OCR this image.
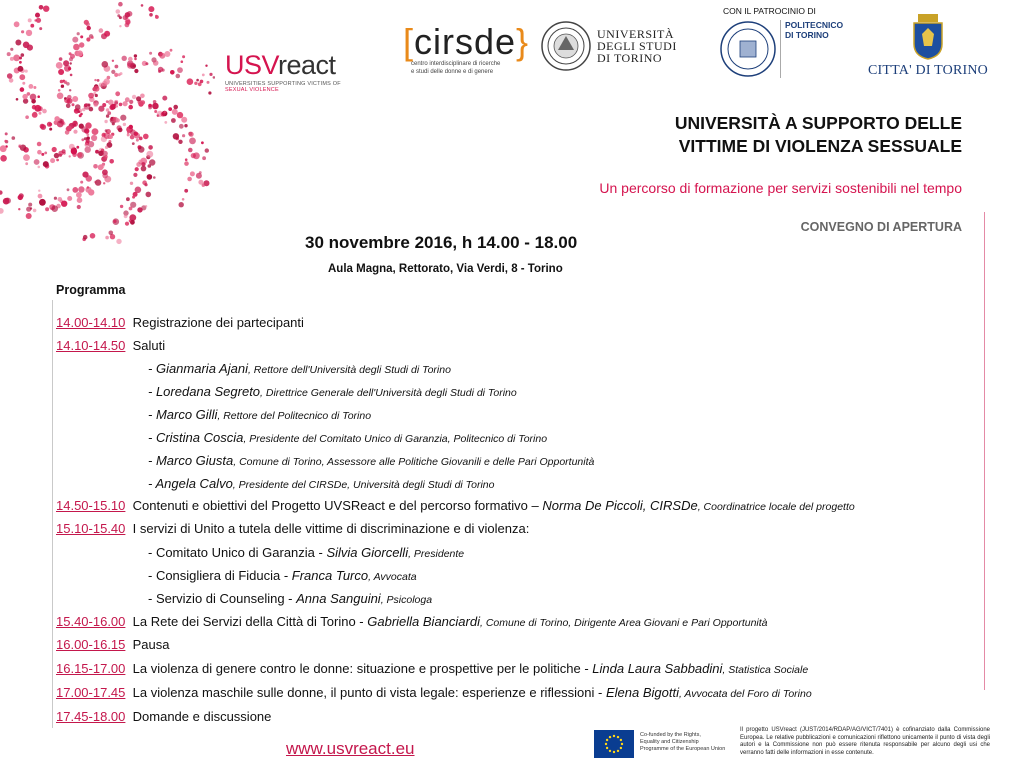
USVreact
UNIVERSITIES SUPPORTING VICTIMS OF
SEXUAL VIOLENCE
[cirsde}
centro interdisciplinare di ricerche
e studi delle donne e di genere
UNIVERSITÀ
DEGLI STUDI
DI TORINO
CON IL PATROCINIO DI
POLITECNICO
DI TORINO
CITTA' DI TORINO
UNIVERSITÀ A SUPPORTO DELLE
VITTIME DI VIOLENZA SESSUALE
Un percorso di formazione per servizi sostenibili nel tempo
CONVEGNO DI APERTURA
30 novembre 2016, h 14.00 - 18.00
Aula Magna, Rettorato, Via Verdi, 8 - Torino
Programma
14.00-14.10 Registrazione dei partecipanti
14.10-14.50 Saluti
- Gianmaria Ajani, Rettore dell'Università degli Studi di Torino
- Loredana Segreto, Direttrice Generale dell'Università degli Studi di Torino
- Marco Gilli, Rettore del Politecnico di Torino
- Cristina Coscia, Presidente del Comitato Unico di Garanzia, Politecnico di Torino
- Marco Giusta, Comune di Torino, Assessore alle Politiche Giovanili e delle Pari Opportunità
- Angela Calvo, Presidente del CIRSDe, Università degli Studi di Torino
14.50-15.10 Contenuti e obiettivi del Progetto UVSReact e del percorso formativo – Norma De Piccoli, CIRSDe, Coordinatrice locale del progetto
15.10-15.40 I servizi di Unito a tutela delle vittime di discriminazione e di violenza:
- Comitato Unico di Garanzia - Silvia Giorcelli, Presidente
- Consigliera di Fiducia - Franca Turco, Avvocata
- Servizio di Counseling - Anna Sanguini, Psicologa
15.40-16.00 La Rete dei Servizi della Città di Torino - Gabriella Bianciardi, Comune di Torino, Dirigente Area Giovani e Pari Opportunità
16.00-16.15 Pausa
16.15-17.00 La violenza di genere contro le donne: situazione e prospettive per le politiche - Linda Laura Sabbadini, Statistica Sociale
17.00-17.45 La violenza maschile sulle donne, il punto di vista legale: esperienze e riflessioni - Elena Bigotti, Avvocata del Foro di Torino
17.45-18.00 Domande e discussione
www.usvreact.eu
Co-funded by the Rights,
Equality and Citizenship
Programme of the European Union
Il progetto USVreact (JUST/2014/RDAP/AG/VICT/7401) è cofinanziato dalla Commissione Europea. Le relative pubblicazioni e comunicazioni riflettono unicamente il punto di vista degli autori e la Commissione non può essere ritenuta responsabile per alcuno degli usi che verranno fatti delle informazioni in esse contenute.
